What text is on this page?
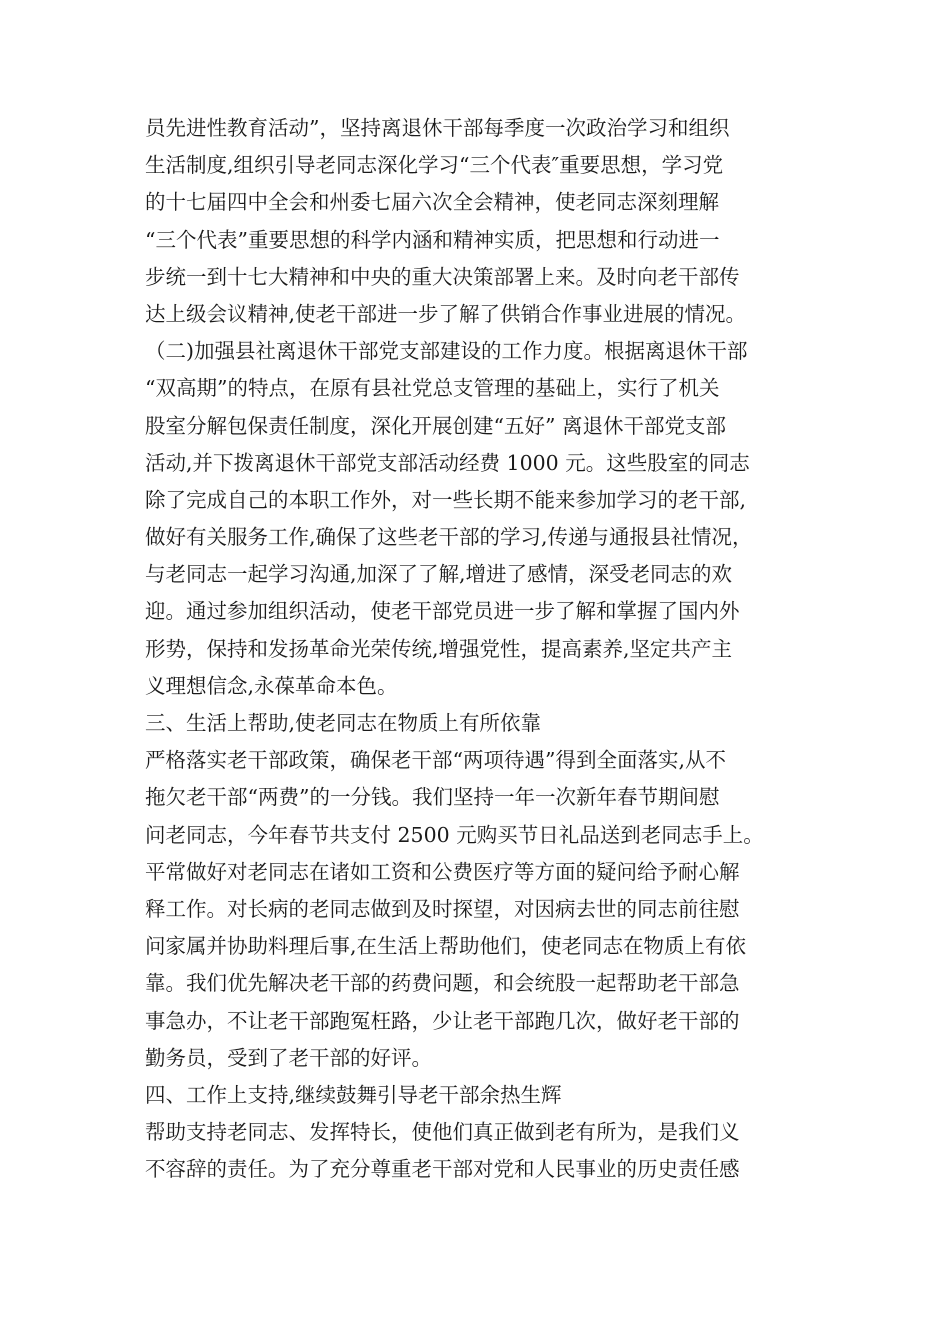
员先进性教育活动”，坚持离退休干部每季度一次政治学习和组织
生活制度,组织引导老同志深化学习“三个代表″重要思想，学习党
的十七届四中全会和州委七届六次全会精神，使老同志深刻理解
“三个代表”重要思想的科学内涵和精神实质，把思想和行动进一
步统一到十七大精神和中央的重大决策部署上来。及时向老干部传
达上级会议精神,使老干部进一步了解了供销合作事业进展的情况。
（二)加强县社离退休干部党支部建设的工作力度。根据离退休干部
“双高期”的特点，在原有县社党总支管理的基础上，实行了机关
股室分解包保责任制度，深化开展创建“五好” 离退休干部党支部
活动,并下拨离退休干部党支部活动经费 1000 元。这些股室的同志
除了完成自己的本职工作外，对一些长期不能来参加学习的老干部,
做好有关服务工作,确保了这些老干部的学习,传递与通报县社情况，
与老同志一起学习沟通,加深了了解,增进了感情，深受老同志的欢
迎。通过参加组织活动，使老干部党员进一步了解和掌握了国内外
形势，保持和发扬革命光荣传统,增强党性，提高素养,坚定共产主
义理想信念,永葆革命本色。
三、生活上帮助,使老同志在物质上有所依靠
严格落实老干部政策，确保老干部“两项待遇”得到全面落实,从不
拖欠老干部“两费”的一分钱。我们坚持一年一次新年春节期间慰
问老同志，今年春节共支付 2500 元购买节日礼品送到老同志手上。
平常做好对老同志在诸如工资和公费医疗等方面的疑问给予耐心解
释工作。对长病的老同志做到及时探望，对因病去世的同志前往慰
问家属并协助料理后事,在生活上帮助他们，使老同志在物质上有依
靠。我们优先解决老干部的药费问题，和会统股一起帮助老干部急
事急办，不让老干部跑冤枉路，少让老干部跑几次，做好老干部的
勤务员，受到了老干部的好评。
四、工作上支持,继续鼓舞引导老干部余热生辉
帮助支持老同志、发挥特长，使他们真正做到老有所为，是我们义
不容辞的责任。为了充分尊重老干部对党和人民事业的历史责任感
